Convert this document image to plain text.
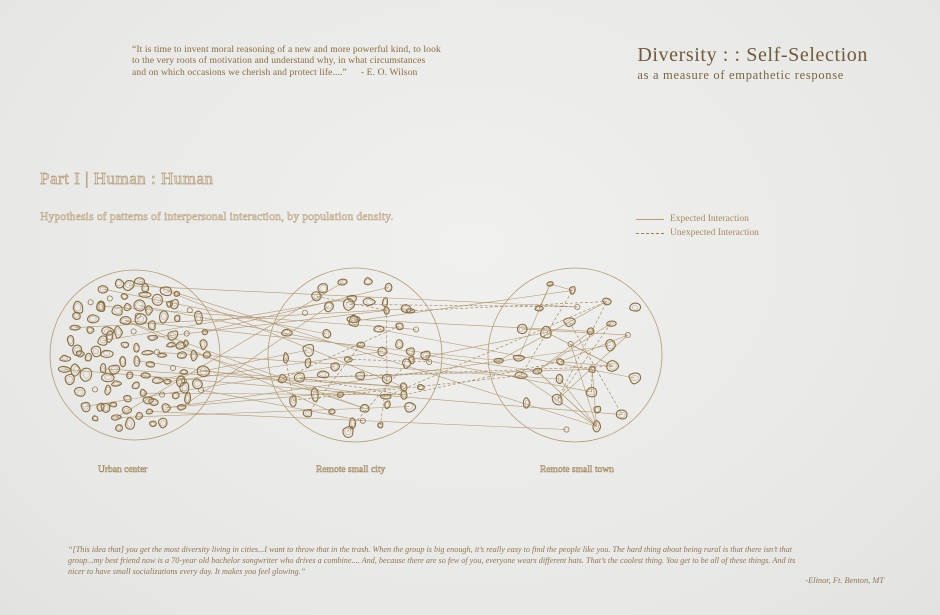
“It is time to invent moral reasoning of a new and more powerful kind, to look
to the very roots of motivation and understand why, in what circumstances
and on which occasions we cherish and protect life....” - E. O. Wilson
Diversity : : Self-Selection
as a measure of empathetic response
Part I | Human : Human
Hypothesis of patterns of interpersonal interaction, by population density.	Expected Interaction
Unexpected Interaction
Urban center	Remote small city	Remote small town
“[This idea that] you get the most diversity living in cities...I want to throw that in the trash. When the group is big enough, it’s really easy to find the people like you. The hard thing about being rural is that there isn’t that
group...my best friend now is a 70-year old bachelor songwriter who drives a combine.... And, because there are so few of you, everyone wears different hats. That’s the coolest thing. You get to be all of these things. And its
nicer to have small socializations every day. It makes you feel glowing.”
-Elinor, Ft. Benton, MT
